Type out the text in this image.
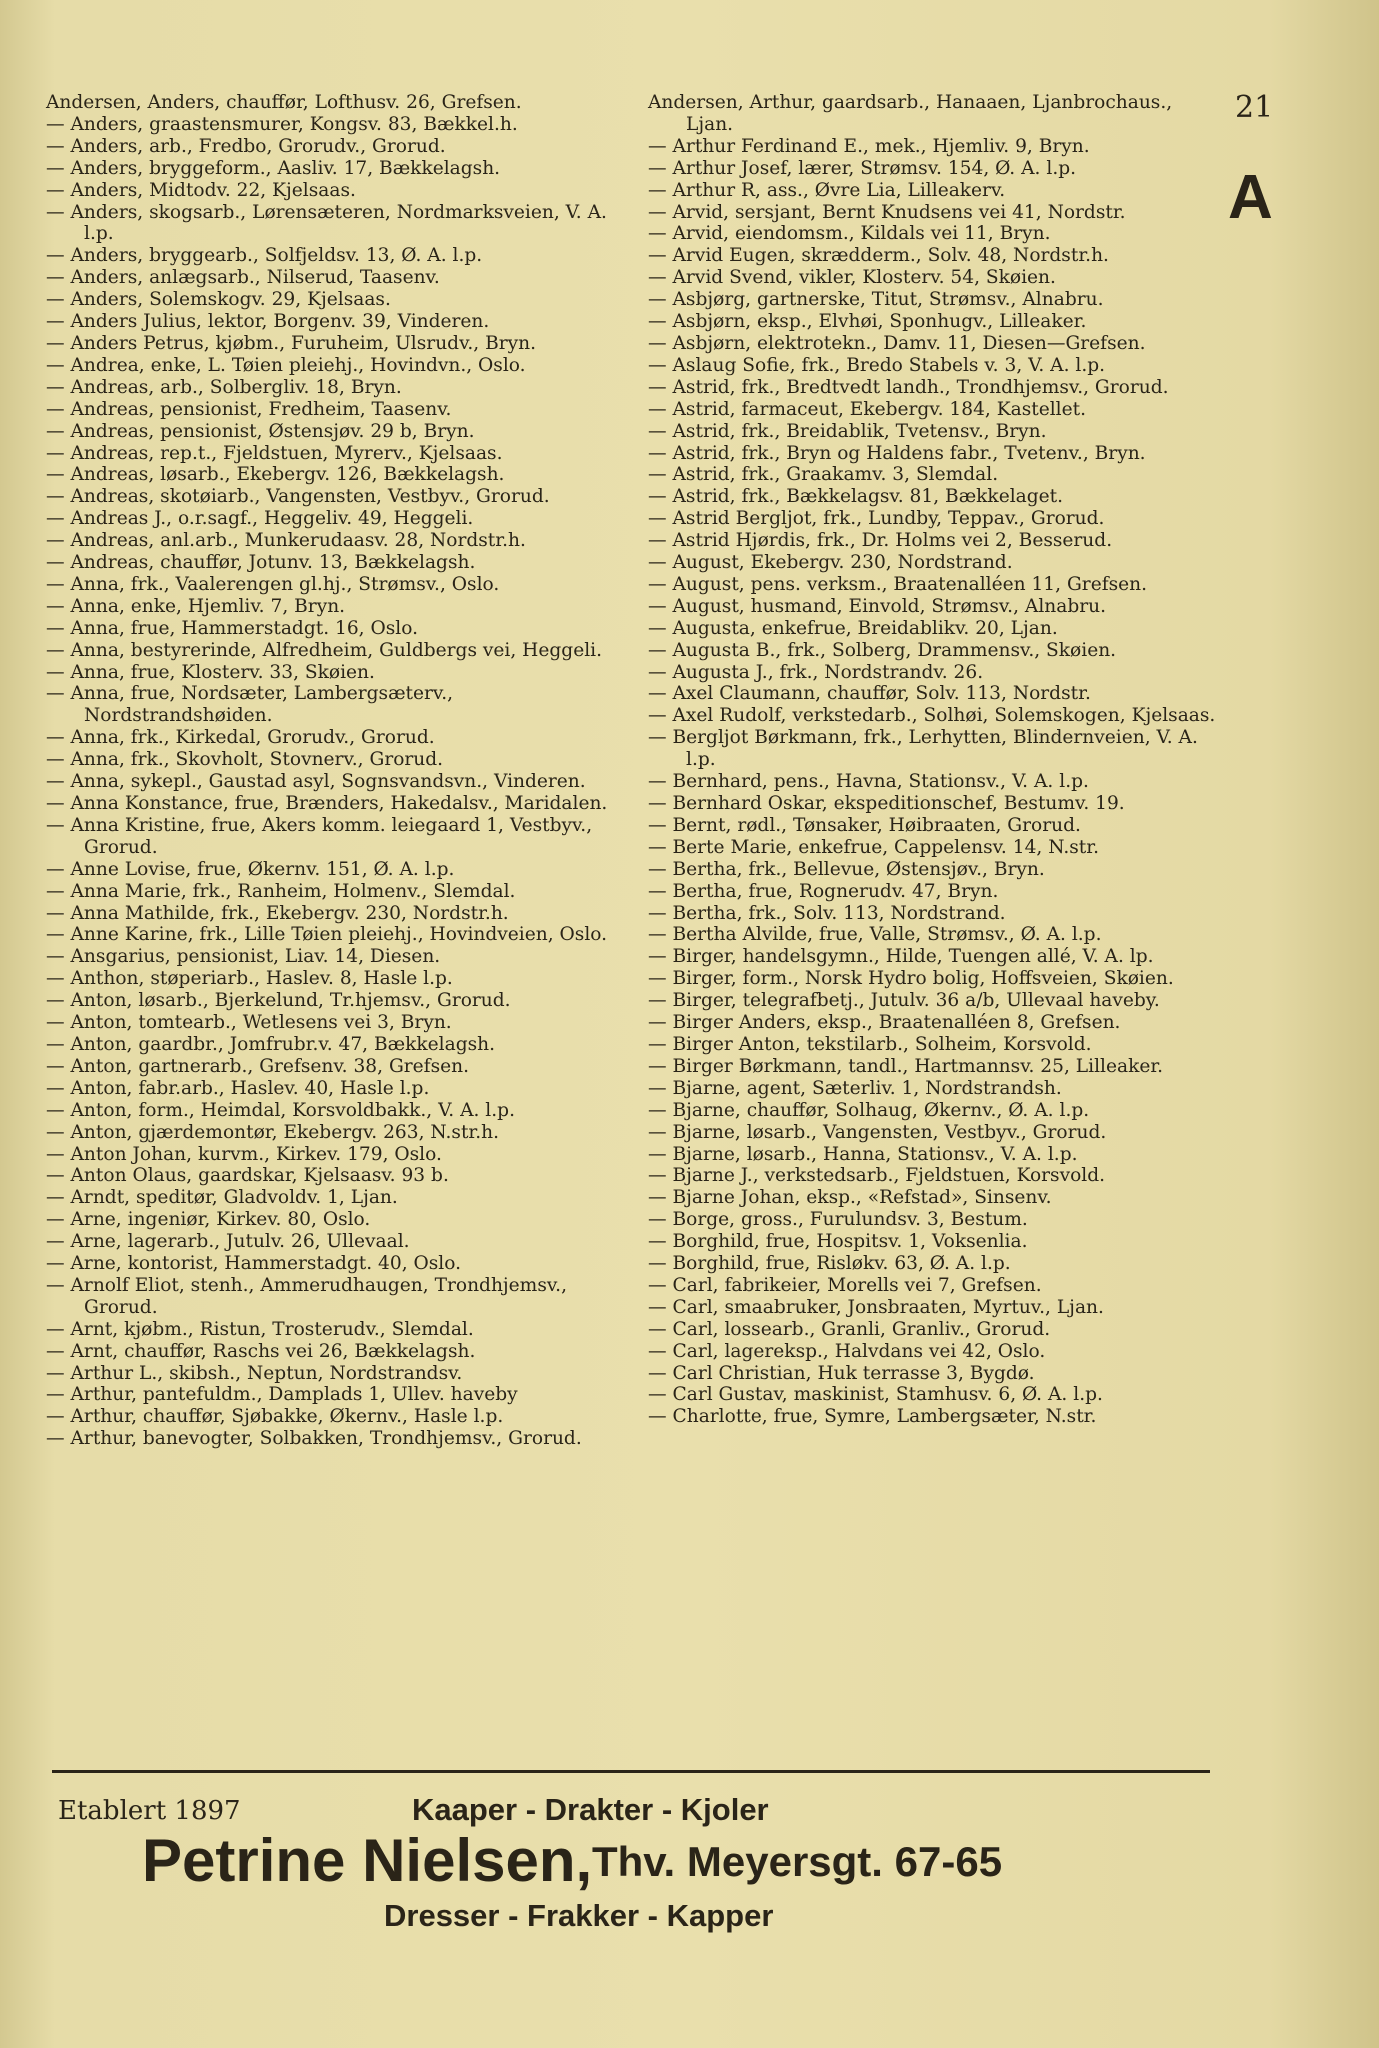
Andersen, Anders, chauffør, Lofthusv. 26, Grefsen.

— Anders, graastensmurer, Kongsv. 83, Bækkel.h.

— Anders, arb., Fredbo, Grorudv., Grorud.

— Anders, bryggeform., Aasliv. 17, Bækkelagsh.

— Anders, Midtodv. 22, Kjelsaas.

— Anders, skogsarb., Lørensæteren, Nordmarksveien, V. A. l.p.

— Anders, bryggearb., Solfjeldsv. 13, Ø. A. l.p.

— Anders, anlægsarb., Nilserud, Taasenv.

— Anders, Solemskogv. 29, Kjelsaas.

— Anders Julius, lektor, Borgenv. 39, Vinderen.

— Anders Petrus, kjøbm., Furuheim, Ulsrudv., Bryn.

— Andrea, enke, L. Tøien pleiehj., Hovindvn., Oslo.

— Andreas, arb., Solbergliv. 18, Bryn.

— Andreas, pensionist, Fredheim, Taasenv.

— Andreas, pensionist, Østensjøv. 29 b, Bryn.

— Andreas, rep.t., Fjeldstuen, Myrerv., Kjelsaas.

— Andreas, løsarb., Ekebergv. 126, Bækkelagsh.

— Andreas, skotøiarb., Vangensten, Vestbyv., Grorud.

— Andreas J., o.r.sagf., Heggeliv. 49, Heggeli.

— Andreas, anl.arb., Munkerudaasv. 28, Nordstr.h.

— Andreas, chauffør, Jotunv. 13, Bækkelagsh.

— Anna, frk., Vaalerengen gl.hj., Strømsv., Oslo.

— Anna, enke, Hjemliv. 7, Bryn.

— Anna, frue, Hammerstadgt. 16, Oslo.

— Anna, bestyrerinde, Alfredheim, Guldbergs vei, Heggeli.

— Anna, frue, Klosterv. 33, Skøien.

— Anna, frue, Nordsæter, Lambergsæterv., Nordstrandshøiden.

— Anna, frk., Kirkedal, Grorudv., Grorud.

— Anna, frk., Skovholt, Stovnerv., Grorud.

— Anna, sykepl., Gaustad asyl, Sognsvandsvn., Vinderen.

— Anna Konstance, frue, Brænders, Hakedalsv., Maridalen.

— Anna Kristine, frue, Akers komm. leiegaard 1, Vestbyv., Grorud.

— Anne Lovise, frue, Økernv. 151, Ø. A. l.p.

— Anna Marie, frk., Ranheim, Holmenv., Slemdal.

— Anna Mathilde, frk., Ekebergv. 230, Nordstr.h.

— Anne Karine, frk., Lille Tøien pleiehj., Hovindveien, Oslo.

— Ansgarius, pensionist, Liav. 14, Diesen.

— Anthon, støperiarb., Haslev. 8, Hasle l.p.

— Anton, løsarb., Bjerkelund, Tr.hjemsv., Grorud.

— Anton, tomtearb., Wetlesens vei 3, Bryn.

— Anton, gaardbr., Jomfrubr.v. 47, Bækkelagsh.

— Anton, gartnerarb., Grefsenv. 38, Grefsen.

— Anton, fabr.arb., Haslev. 40, Hasle l.p.

— Anton, form., Heimdal, Korsvoldbakk., V. A. l.p.

— Anton, gjærdemontør, Ekebergv. 263, N.str.h.

— Anton Johan, kurvm., Kirkev. 179, Oslo.

— Anton Olaus, gaardskar, Kjelsaasv. 93 b.

— Arndt, speditør, Gladvoldv. 1, Ljan.

— Arne, ingeniør, Kirkev. 80, Oslo.

— Arne, lagerarb., Jutulv. 26, Ullevaal.

— Arne, kontorist, Hammerstadgt. 40, Oslo.

— Arnolf Eliot, stenh., Ammerudhaugen, Trondhjemsv., Grorud.

— Arnt, kjøbm., Ristun, Trosterudv., Slemdal.

— Arnt, chauffør, Raschs vei 26, Bækkelagsh.

— Arthur L., skibsh., Neptun, Nordstrandsv.

— Arthur, pantefuldm., Damplads 1, Ullev. haveby

— Arthur, chauffør, Sjøbakke, Økernv., Hasle l.p.

— Arthur, banevogter, Solbakken, Trondhjemsv., Grorud.

Andersen, Arthur, gaardsarb., Hanaaen, Ljanbrochaus., Ljan.

— Arthur Ferdinand E., mek., Hjemliv. 9, Bryn.

— Arthur Josef, lærer, Strømsv. 154, Ø. A. l.p.

— Arthur R, ass., Øvre Lia, Lilleakerv.

— Arvid, sersjant, Bernt Knudsens vei 41, Nordstr.

— Arvid, eiendomsm., Kildals vei 11, Bryn.

— Arvid Eugen, skrædderm., Solv. 48, Nordstr.h.

— Arvid Svend, vikler, Klosterv. 54, Skøien.

— Asbjørg, gartnerske, Titut, Strømsv., Alnabru.

— Asbjørn, eksp., Elvhøi, Sponhugv., Lilleaker.

— Asbjørn, elektrotekn., Damv. 11, Diesen—Grefsen.

— Aslaug Sofie, frk., Bredo Stabels v. 3, V. A. l.p.

— Astrid, frk., Bredtvedt landh., Trondhjemsv., Grorud.

— Astrid, farmaceut, Ekebergv. 184, Kastellet.

— Astrid, frk., Breidablik, Tvetensv., Bryn.

— Astrid, frk., Bryn og Haldens fabr., Tvetenv., Bryn.

— Astrid, frk., Graakamv. 3, Slemdal.

— Astrid, frk., Bækkelagsv. 81, Bækkelaget.

— Astrid Bergljot, frk., Lundby, Teppav., Grorud.

— Astrid Hjørdis, frk., Dr. Holms vei 2, Besserud.

— August, Ekebergv. 230, Nordstrand.

— August, pens. verksm., Braatenalléen 11, Grefsen.

— August, husmand, Einvold, Strømsv., Alnabru.

— Augusta, enkefrue, Breidablikv. 20, Ljan.

— Augusta B., frk., Solberg, Drammensv., Skøien.

— Augusta J., frk., Nordstrandv. 26.

— Axel Claumann, chauffør, Solv. 113, Nordstr.

— Axel Rudolf, verkstedarb., Solhøi, Solemskogen, Kjelsaas.

— Bergljot Børkmann, frk., Lerhytten, Blindernveien, V. A. l.p.

— Bernhard, pens., Havna, Stationsv., V. A. l.p.

— Bernhard Oskar, ekspeditionschef, Bestumv. 19.

— Bernt, rødl., Tønsaker, Høibraaten, Grorud.

— Berte Marie, enkefrue, Cappelensv. 14, N.str.

— Bertha, frk., Bellevue, Østensjøv., Bryn.

— Bertha, frue, Rognerudv. 47, Bryn.

— Bertha, frk., Solv. 113, Nordstrand.

— Bertha Alvilde, frue, Valle, Strømsv., Ø. A. l.p.

— Birger, handelsgymn., Hilde, Tuengen allé, V. A. lp.

— Birger, form., Norsk Hydro bolig, Hoffsveien, Skøien.

— Birger, telegrafbetj., Jutulv. 36 a/b, Ullevaal haveby.

— Birger Anders, eksp., Braatenalléen 8, Grefsen.

— Birger Anton, tekstilarb., Solheim, Korsvold.

— Birger Børkmann, tandl., Hartmannsv. 25, Lilleaker.

— Bjarne, agent, Sæterliv. 1, Nordstrandsh.

— Bjarne, chauffør, Solhaug, Økernv., Ø. A. l.p.

— Bjarne, løsarb., Vangensten, Vestbyv., Grorud.

— Bjarne, løsarb., Hanna, Stationsv., V. A. l.p.

— Bjarne J., verkstedsarb., Fjeldstuen, Korsvold.

— Bjarne Johan, eksp., «Refstad», Sinsenv.

— Borge, gross., Furulundsv. 3, Bestum.

— Borghild, frue, Hospitsv. 1, Voksenlia.

— Borghild, frue, Risløkv. 63, Ø. A. l.p.

— Carl, fabrikeier, Morells vei 7, Grefsen.

— Carl, smaabruker, Jonsbraaten, Myrtuv., Ljan.

— Carl, lossearb., Granli, Granliv., Grorud.

— Carl, lagereksp., Halvdans vei 42, Oslo.

— Carl Christian, Huk terrasse 3, Bygdø.

— Carl Gustav, maskinist, Stamhusv. 6, Ø. A. l.p.

— Charlotte, frue, Symre, Lambergsæter, N.str.

21
A
Etablert 1897	Kaaper - Drakter - Kjoler
Petrine Nielsen, Thv. Meyersgt. 67-65
Dresser - Frakker - Kapper
